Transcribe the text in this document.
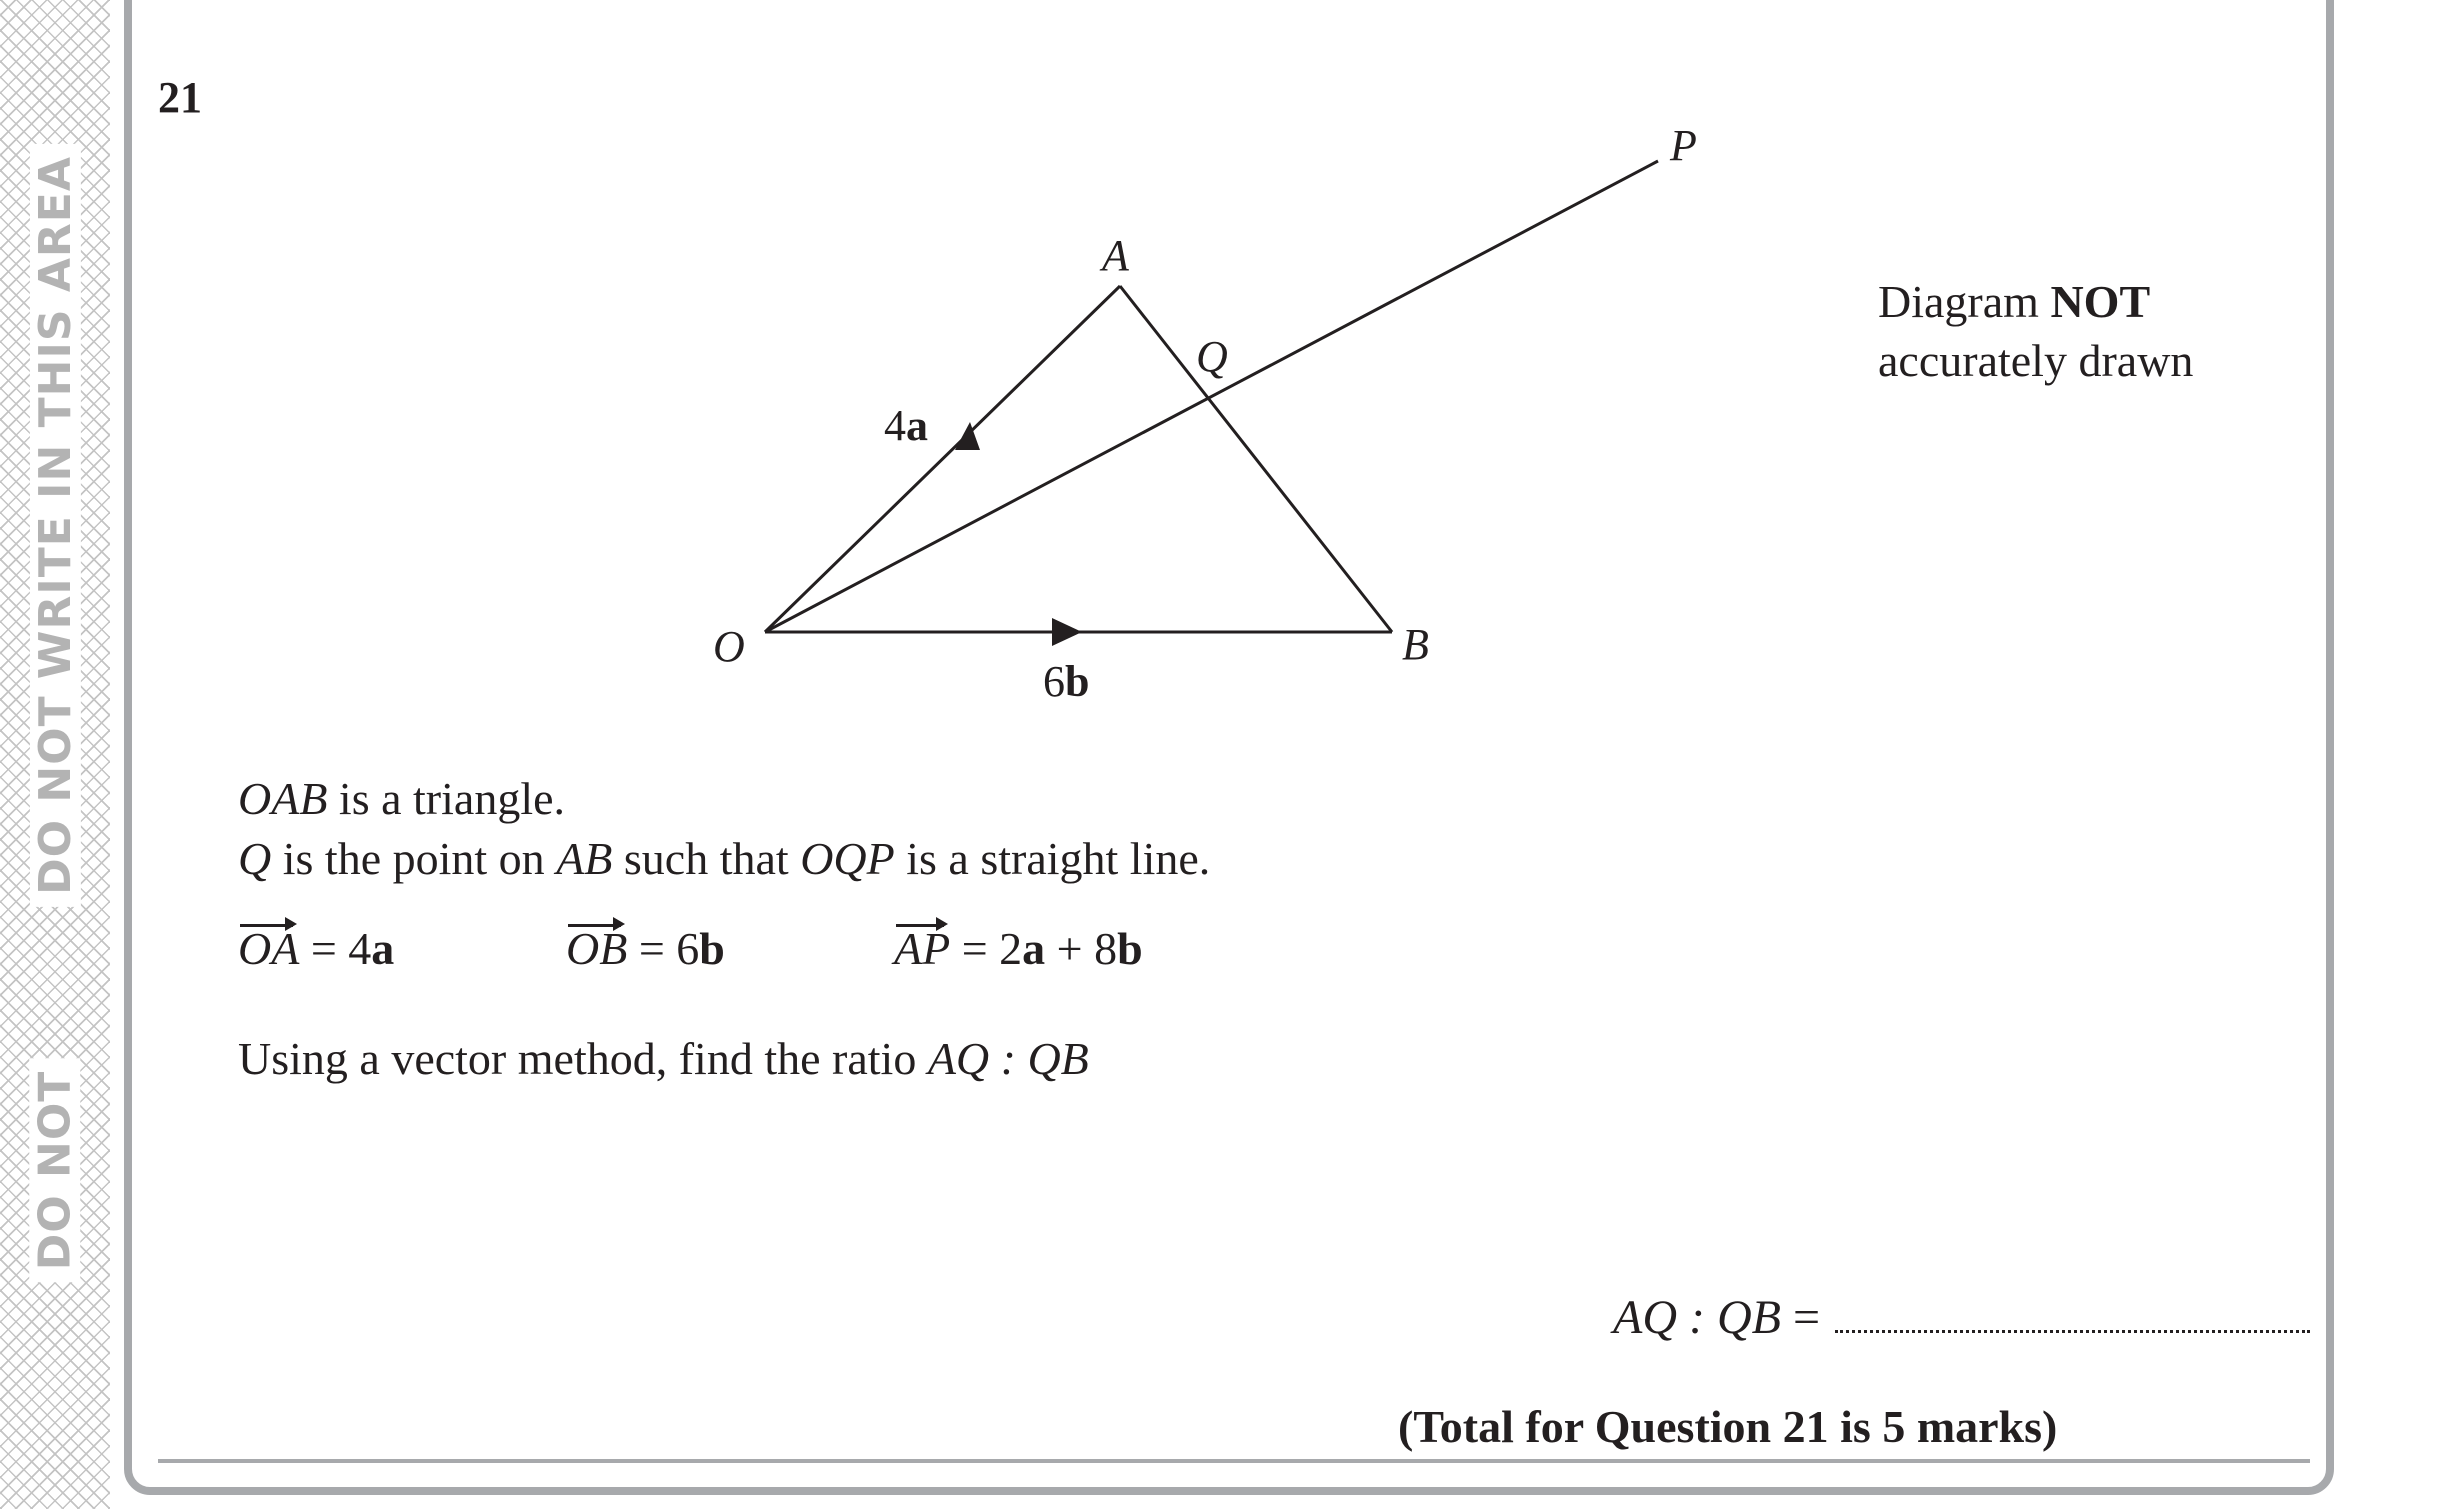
DO NOT WRITE IN THIS AREA
DO NOT
21
A
Q
P
O	B
4a
6b
Diagram NOT
accurately drawn
OAB is a triangle.
Q is the point on AB such that OQP is a straight line.
OA = 4a	OB = 6b	AP = 2a + 8b
Using a vector method, find the ratio AQ : QB
AQ : QB =
(Total for Question 21 is 5 marks)
